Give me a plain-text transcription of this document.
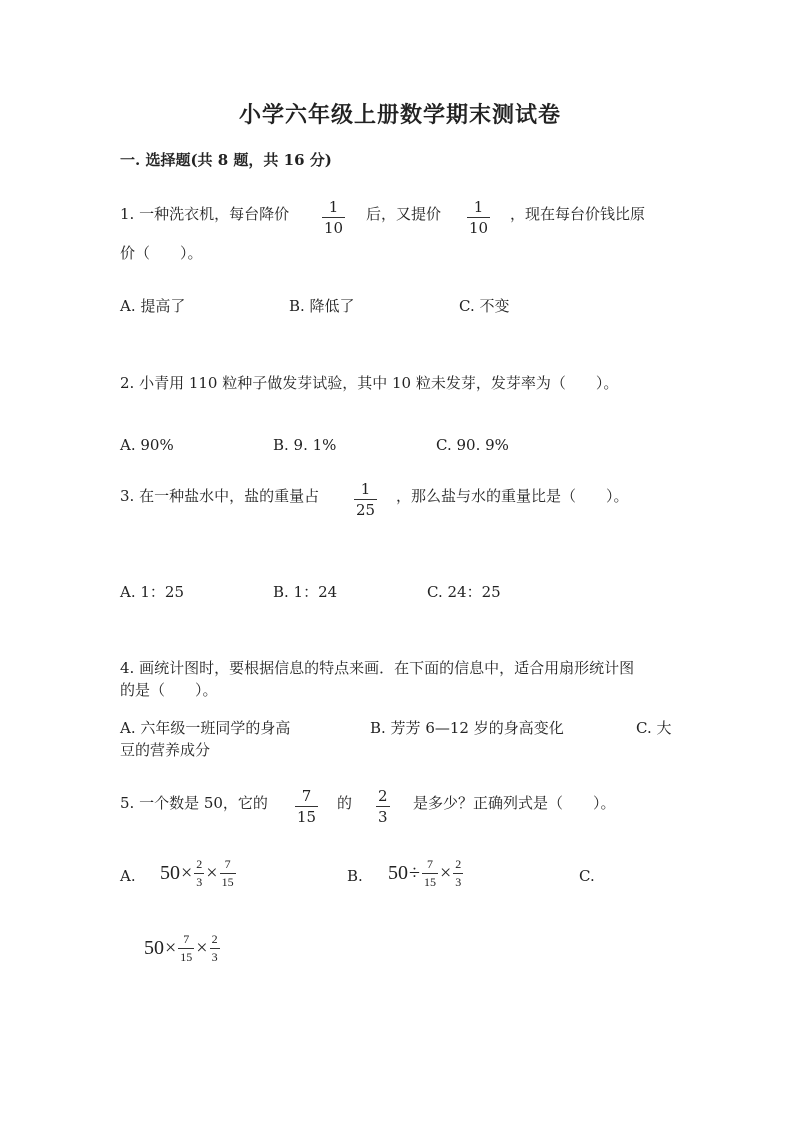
小学六年级上册数学期末测试卷
一. 选择题(共 8 题，共 16 分)
1. 一种洗衣机，每台降价	1
10
后，又提价 1
10
，现在每台价钱比原
价（　　）。
A. 提高了	B. 降低了	C. 不变
2. 小青用 110 粒种子做发芽试验，其中 10 粒未发芽，发芽率为（　　）。
A. 90%	B. 9. 1%	C. 90. 9%
3. 在一种盐水中，盐的重量占	1
25
，那么盐与水的重量比是（　　）。
A. 1：25	B. 1：24	C. 24：25
4. 画统计图时，要根据信息的特点来画．在下面的信息中，适合用扇形统计图
的是（　　）。
A. 六年级一班同学的身高	B. 芳芳 6—12 岁的身高变化	C. 大
豆的营养成分
5. 一个数是 50，它的 7
15
的 2
3
是多少？正确列式是（　　）。
A. $50 \times \frac{2}{3} \times \frac{7}{15}$	B. $50 \div \frac{7}{15} \times \frac{2}{3}$	C.
$50 \times \frac{7}{15} \times \frac{2}{3}$
